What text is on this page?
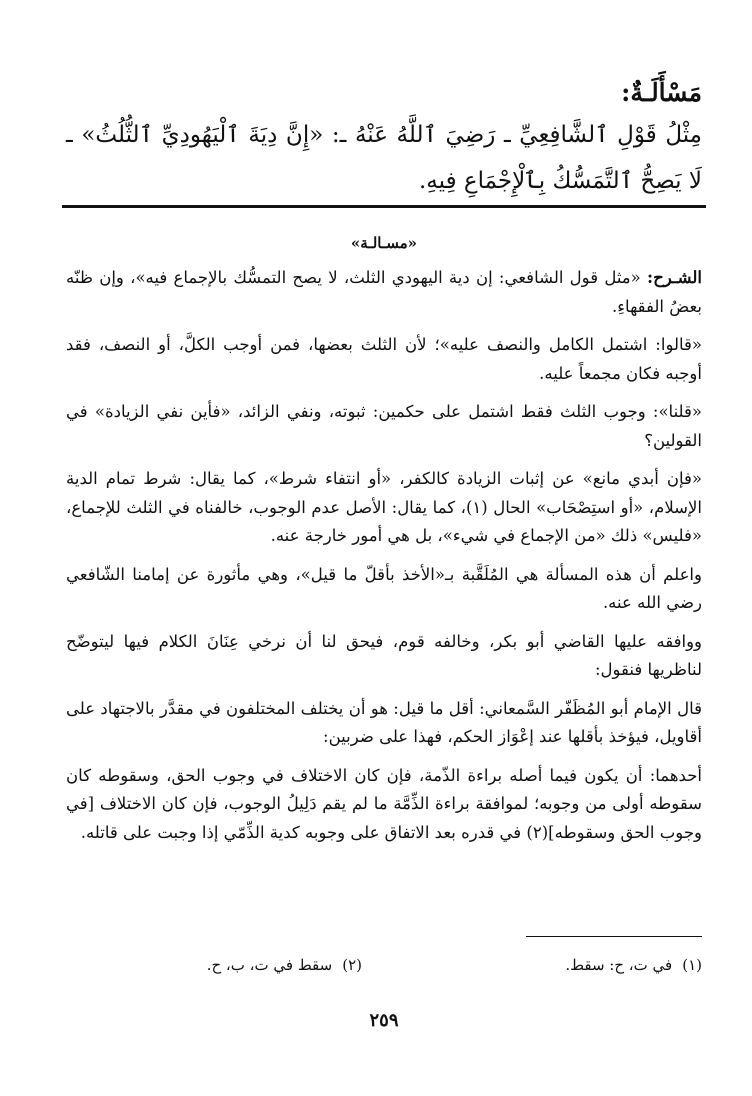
مَسْأَلَـةٌ:
مِثْلُ قَوْلِ ٱلشَّافِعِيِّ ـ رَضِيَ ٱللَّهُ عَنْهُ ـ: «إِنَّ دِيَةَ ٱلْيَهُودِيِّ ٱلثُّلُثُ» ـ لَا يَصِحُّ ٱلتَّمَسُّكُ بِٱلْإِجْمَاعِ فِيهِ.
«مسـالـة»

الشـرح: «مثل قول الشافعي: إن دية اليهودي الثلث، لا يصح التمسُّك بالإجماع فيه»، وإن ظنّه بعضُ الفقهاءِ.

«قالوا: اشتمل الكامل والنصف عليه»؛ لأن الثلث بعضها، فمن أوجب الكلَّ، أو النصف، فقد أوجبه فكان مجمعاً عليه.

«قلنا»: وجوب الثلث فقط اشتمل على حكمين: ثبوته، ونفي الزائد، «فأين نفي الزيادة» في القولين؟

«فإن أبدي مانع» عن إثبات الزيادة كالكفر، «أو انتفاء شرط»، كما يقال: شرط تمام الدية الإسلام، «أو استِصْحَاب» الحال (١)، كما يقال: الأصل عدم الوجوب، خالفناه في الثلث للإجماع، «فليس» ذلك «من الإجماع في شيء»، بل هي أمور خارجة عنه.

واعلم أن هذه المسألة هي المُلَقَّبة بـ«الأخذ بأقلّ ما قيل»، وهي مأثورة عن إمامنا الشّافعي رضي الله عنه.

ووافقه عليها القاضي أبو بكر، وخالفه قوم، فيحق لنا أن نرخي عِنَانَ الكلام فيها ليتوضّح لناظريها فنقول:

قال الإمام أبو المُظَفّر السَّمعاني: أقل ما قيل: هو أن يختلف المختلفون في مقدَّر بالاجتهاد على أقاويل، فيؤخذ بأقلها عند إعْوَاز الحكم، فهذا على ضربين:

أحدهما: أن يكون فيما أصله براءة الذّمة، فإن كان الاختلاف في وجوب الحق، وسقوطه كان سقوطه أولى من وجوبه؛ لموافقة براءة الذِّمَّة ما لم يقم دَلِيلُ الوجوب، فإن كان الاختلاف [في وجوب الحق وسقوطه](٢) في قدره بعد الاتفاق على وجوبه كدية الذِّمّي إذا وجبت على قاتله.

(١)في ت، ح: سقط.
(٢)سقط في ت، ب، ح.
٢٥٩
